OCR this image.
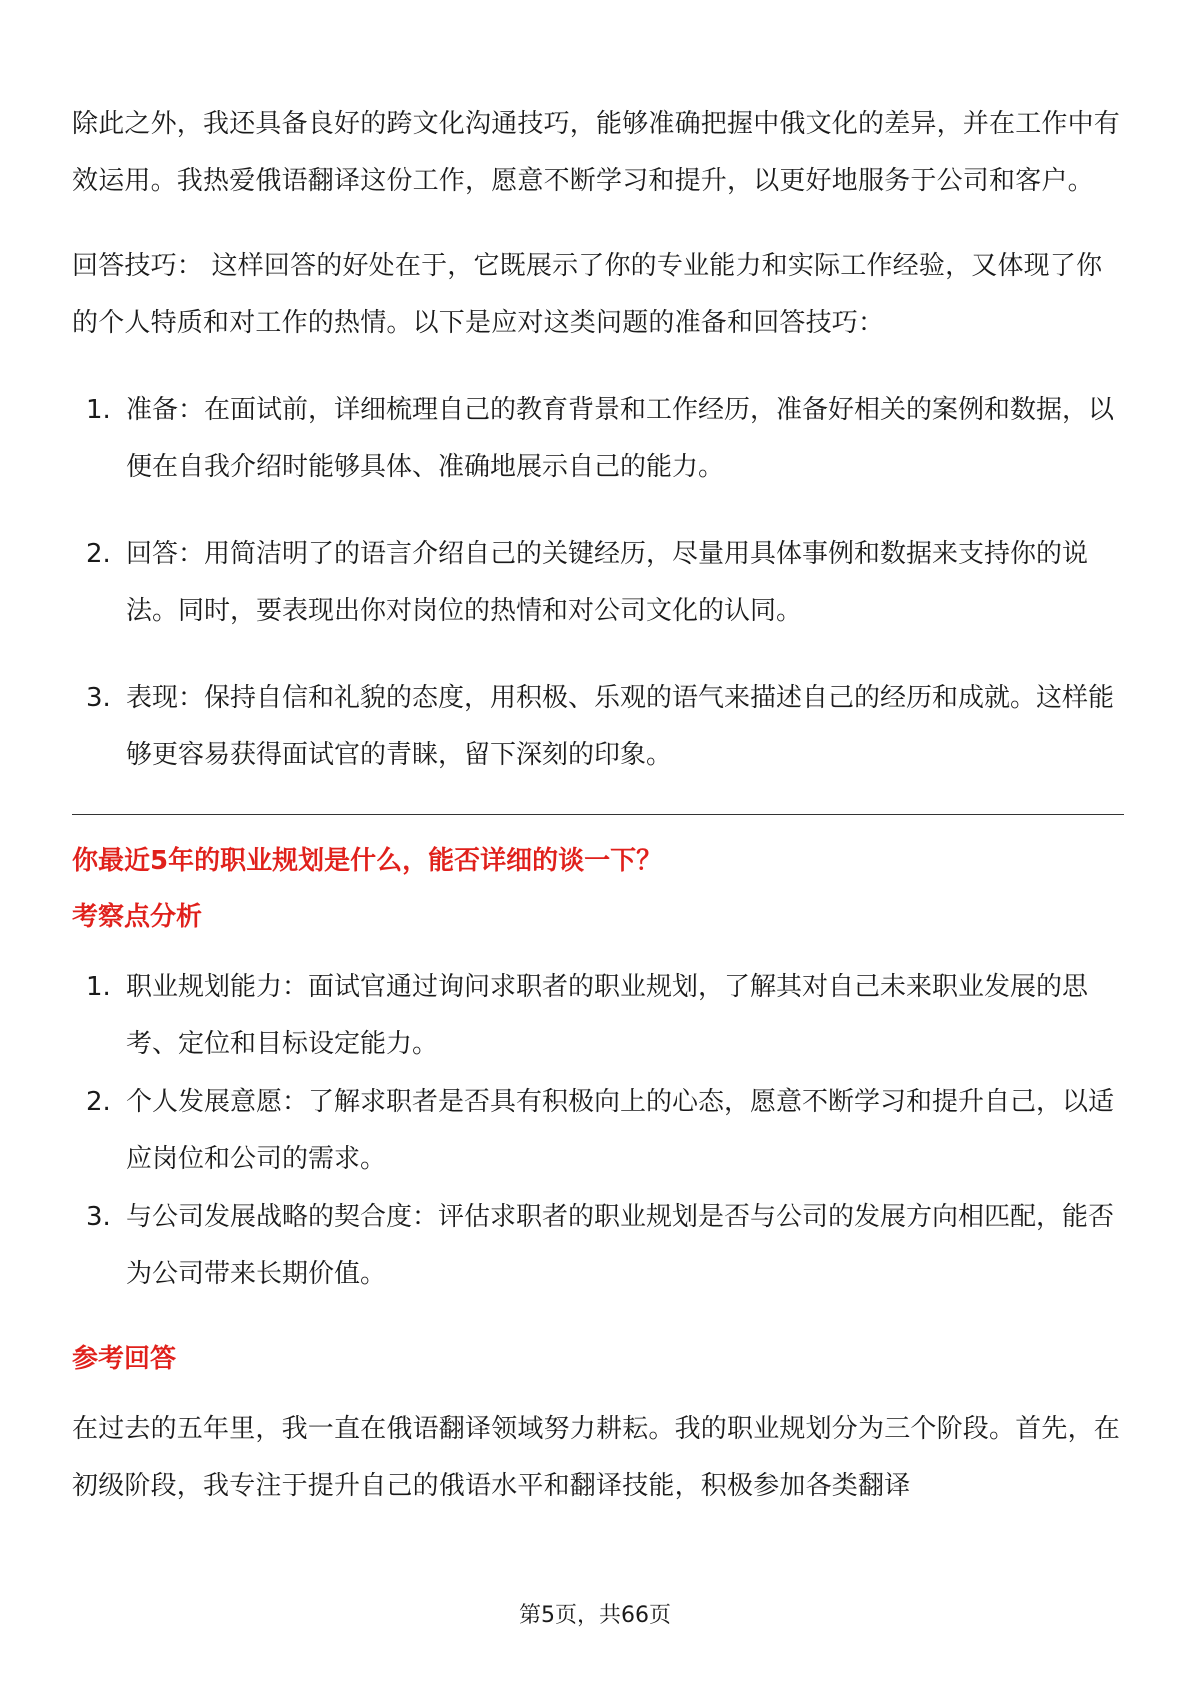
除此之外，我还具备良好的跨文化沟通技巧，能够准确把握中俄文化的差异，并在工作中有效运用。我热爱俄语翻译这份工作，愿意不断学习和提升，以更好地服务于公司和客户。

回答技巧： 这样回答的好处在于，它既展示了你的专业能力和实际工作经验，又体现了你的个人特质和对工作的热情。以下是应对这类问题的准备和回答技巧：

1. 准备：在面试前，详细梳理自己的教育背景和工作经历，准备好相关的案例和数据，以便在自我介绍时能够具体、准确地展示自己的能力。
2. 回答：用简洁明了的语言介绍自己的关键经历，尽量用具体事例和数据来支持你的说法。同时，要表现出你对岗位的热情和对公司文化的认同。
3. 表现：保持自信和礼貌的态度，用积极、乐观的语气来描述自己的经历和成就。这样能够更容易获得面试官的青睐，留下深刻的印象。

你最近5年的职业规划是什么，能否详细的谈一下？

考察点分析

1. 职业规划能力：面试官通过询问求职者的职业规划，了解其对自己未来职业发展的思考、定位和目标设定能力。
2. 个人发展意愿：了解求职者是否具有积极向上的心态，愿意不断学习和提升自己，以适应岗位和公司的需求。
3. 与公司发展战略的契合度：评估求职者的职业规划是否与公司的发展方向相匹配，能否为公司带来长期价值。

参考回答

在过去的五年里，我一直在俄语翻译领域努力耕耘。我的职业规划分为三个阶段。首先，在初级阶段，我专注于提升自己的俄语水平和翻译技能，积极参加各类翻译

第5页，共66页
